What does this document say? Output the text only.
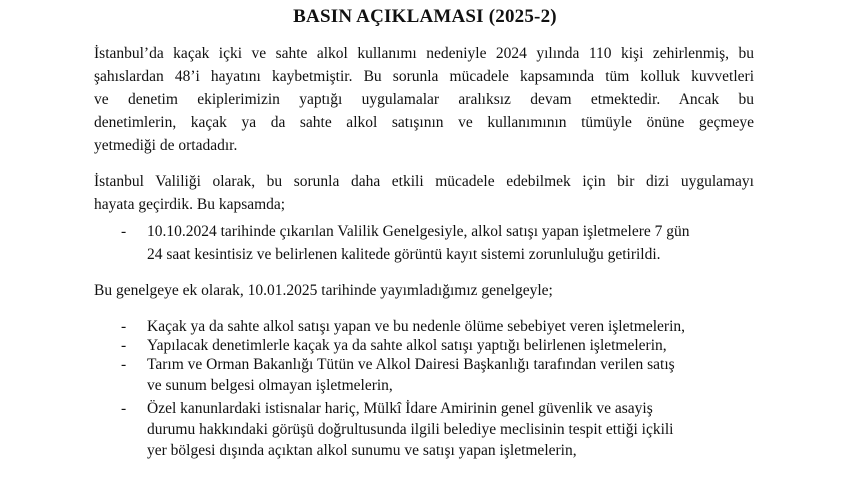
BASIN AÇIKLAMASI (2025-2)

İstanbul’da kaçak içki ve sahte alkol kullanımı nedeniyle 2024 yılında 110 kişi zehirlenmiş, bu

şahıslardan 48’i hayatını kaybetmiştir. Bu sorunla mücadele kapsamında tüm kolluk kuvvetleri

ve denetim ekiplerimizin yaptığı uygulamalar aralıksız devam etmektedir. Ancak bu

denetimlerin, kaçak ya da sahte alkol satışının ve kullanımının tümüyle önüne geçmeye

yetmediği de ortadadır.

İstanbul Valiliği olarak, bu sorunla daha etkili mücadele edebilmek için bir dizi uygulamayı

hayata geçirdik. Bu kapsamda;

- 10.10.2024 tarihinde çıkarılan Valilik Genelgesiyle, alkol satışı yapan işletmelere 7 gün

24 saat kesintisiz ve belirlenen kalitede görüntü kayıt sistemi zorunluluğu getirildi.

Bu genelgeye ek olarak, 10.01.2025 tarihinde yayımladığımız genelgeyle;

- Kaçak ya da sahte alkol satışı yapan ve bu nedenle ölüme sebebiyet veren işletmelerin,

- Yapılacak denetimlerle kaçak ya da sahte alkol satışı yaptığı belirlenen işletmelerin,

- Tarım ve Orman Bakanlığı Tütün ve Alkol Dairesi Başkanlığı tarafından verilen satış

ve sunum belgesi olmayan işletmelerin,

- Özel kanunlardaki istisnalar hariç, Mülkî İdare Amirinin genel güvenlik ve asayiş

durumu hakkındaki görüşü doğrultusunda ilgili belediye meclisinin tespit ettiği içkili

yer bölgesi dışında açıktan alkol sunumu ve satışı yapan işletmelerin,
